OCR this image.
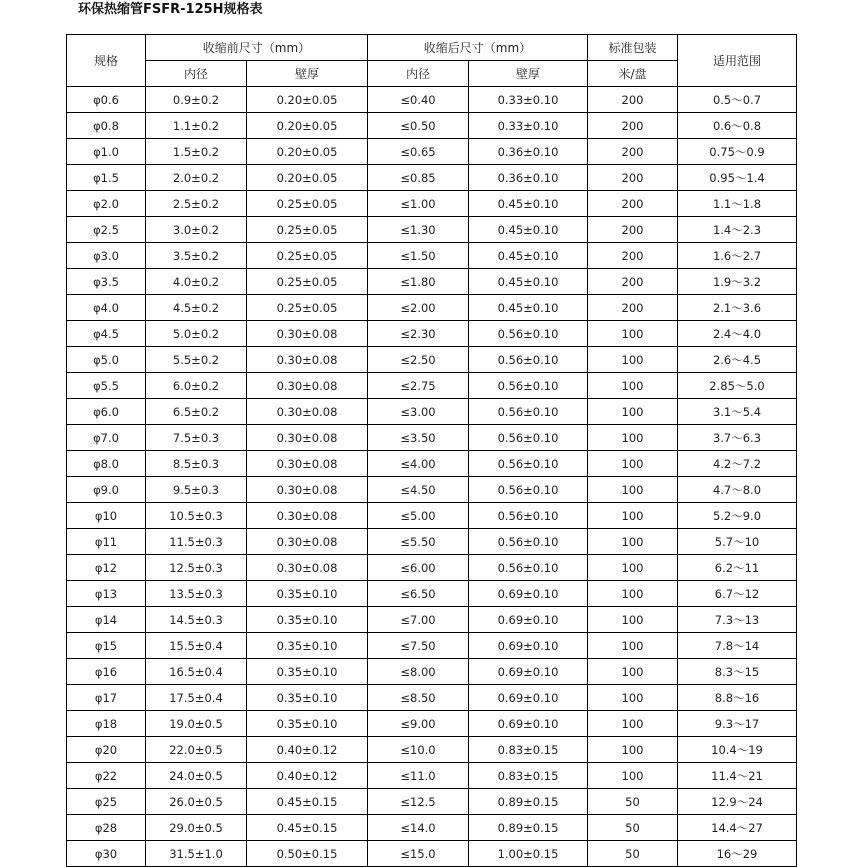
环保热缩管FSFR-125H规格表
规格	收缩前尺寸（mm）		收缩后尺寸（mm）		标准包装	适用范围
	内径	壁厚	内径	壁厚	米/盘	
φ0.6	0.9±0.2	0.20±0.05	≤0.40	0.33±0.10	200	0.5～0.7
φ0.8	1.1±0.2	0.20±0.05	≤0.50	0.33±0.10	200	0.6～0.8
φ1.0	1.5±0.2	0.20±0.05	≤0.65	0.36±0.10	200	0.75～0.9
φ1.5	2.0±0.2	0.20±0.05	≤0.85	0.36±0.10	200	0.95～1.4
φ2.0	2.5±0.2	0.25±0.05	≤1.00	0.45±0.10	200	1.1～1.8
φ2.5	3.0±0.2	0.25±0.05	≤1.30	0.45±0.10	200	1.4～2.3
φ3.0	3.5±0.2	0.25±0.05	≤1.50	0.45±0.10	200	1.6～2.7
φ3.5	4.0±0.2	0.25±0.05	≤1.80	0.45±0.10	200	1.9～3.2
φ4.0	4.5±0.2	0.25±0.05	≤2.00	0.45±0.10	200	2.1～3.6
φ4.5	5.0±0.2	0.30±0.08	≤2.30	0.56±0.10	100	2.4～4.0
φ5.0	5.5±0.2	0.30±0.08	≤2.50	0.56±0.10	100	2.6～4.5
φ5.5	6.0±0.2	0.30±0.08	≤2.75	0.56±0.10	100	2.85～5.0
φ6.0	6.5±0.2	0.30±0.08	≤3.00	0.56±0.10	100	3.1～5.4
φ7.0	7.5±0.3	0.30±0.08	≤3.50	0.56±0.10	100	3.7～6.3
φ8.0	8.5±0.3	0.30±0.08	≤4.00	0.56±0.10	100	4.2～7.2
φ9.0	9.5±0.3	0.30±0.08	≤4.50	0.56±0.10	100	4.7～8.0
φ10	10.5±0.3	0.30±0.08	≤5.00	0.56±0.10	100	5.2～9.0
φ11	11.5±0.3	0.30±0.08	≤5.50	0.56±0.10	100	5.7～10
φ12	12.5±0.3	0.30±0.08	≤6.00	0.56±0.10	100	6.2～11
φ13	13.5±0.3	0.35±0.10	≤6.50	0.69±0.10	100	6.7～12
φ14	14.5±0.3	0.35±0.10	≤7.00	0.69±0.10	100	7.3～13
φ15	15.5±0.4	0.35±0.10	≤7.50	0.69±0.10	100	7.8～14
φ16	16.5±0.4	0.35±0.10	≤8.00	0.69±0.10	100	8.3～15
φ17	17.5±0.4	0.35±0.10	≤8.50	0.69±0.10	100	8.8～16
φ18	19.0±0.5	0.35±0.10	≤9.00	0.69±0.10	100	9.3～17
φ20	22.0±0.5	0.40±0.12	≤10.0	0.83±0.15	100	10.4～19
φ22	24.0±0.5	0.40±0.12	≤11.0	0.83±0.15	100	11.4～21
φ25	26.0±0.5	0.45±0.15	≤12.5	0.89±0.15	50	12.9～24
φ28	29.0±0.5	0.45±0.15	≤14.0	0.89±0.15	50	14.4～27
φ30	31.5±1.0	0.50±0.15	≤15.0	1.00±0.15	50	16～29
